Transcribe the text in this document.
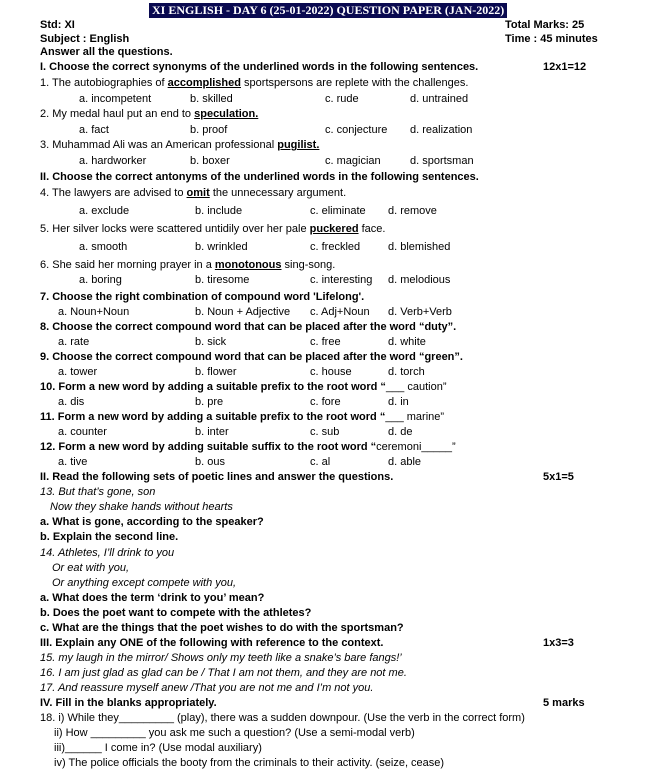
XI ENGLISH - DAY 6 (25-01-2022) QUESTION PAPER (JAN-2022)
Std: XI	Total Marks: 25
Subject : English	Time : 45 minutes
Answer all the questions.
I. Choose the correct synonyms of the underlined words in the following sentences.	12x1=12
1. The autobiographies of accomplished sportspersons are replete with the challenges.
a. incompetent	b. skilled	c. rude	d. untrained
2. My medal haul put an end to speculation.
a. fact	b. proof	c. conjecture d. realization
3. Muhammad Ali was an American professional pugilist.
a. hardworker	b. boxer	c. magician	d. sportsman
II. Choose the correct antonyms of the underlined words in the following sentences.
4. The lawyers are advised to omit the unnecessary argument.
a. exclude	b. include	c. eliminate d. remove
5. Her silver locks were scattered untidily over her pale puckered face.
a. smooth	b. wrinkled	c. freckled	d. blemished
6. She said her morning prayer in a monotonous sing-song.
a. boring	b. tiresome	c. interesting d. melodious
7. Choose the right combination of compound word 'Lifelong'.
a. Noun+Noun	b. Noun + Adjective c. Adj+Noun d. Verb+Verb
8. Choose the correct compound word that can be placed after the word “duty”.
a. rate	b. sick	c. free	d. white
9. Choose the correct compound word that can be placed after the word “green”.
a. tower	b. flower	c. house	d. torch
10. Form a new word by adding a suitable prefix to the root word “___ caution”
a. dis	b. pre	c. fore	d. in
11. Form a new word by adding a suitable prefix to the root word “___ marine”
a. counter	b. inter	c. sub	d. de
12. Form a new word by adding suitable suffix to the root word “ceremoni_____”
a. tive	b. ous	c. al	d. able
II. Read the following sets of poetic lines and answer the questions.	5x1=5
13. But that’s gone, son
Now they shake hands without hearts
a. What is gone, according to the speaker?
b. Explain the second line.
14. Athletes, I’ll drink to you
Or eat with you,
Or anything except compete with you,
a. What does the term ‘drink to you’ mean?
b. Does the poet want to compete with the athletes?
c. What are the things that the poet wishes to do with the sportsman?
III. Explain any ONE of the following with reference to the context.	1x3=3
15. my laugh in the mirror/ Shows only my teeth like a snake’s bare fangs!’
16. I am just glad as glad can be / That I am not them, and they are not me.
17. And reassure myself anew /That you are not me and I’m not you.
IV. Fill in the blanks appropriately.	5 marks
18. i) While they_________ (play), there was a sudden downpour. (Use the verb in the correct form)
ii) How _________ you ask me such a question? (Use a semi-modal verb)
iii)______ I come in? (Use modal auxiliary)
iv) The police officials the booty from the criminals to their activity. (seize, cease)
